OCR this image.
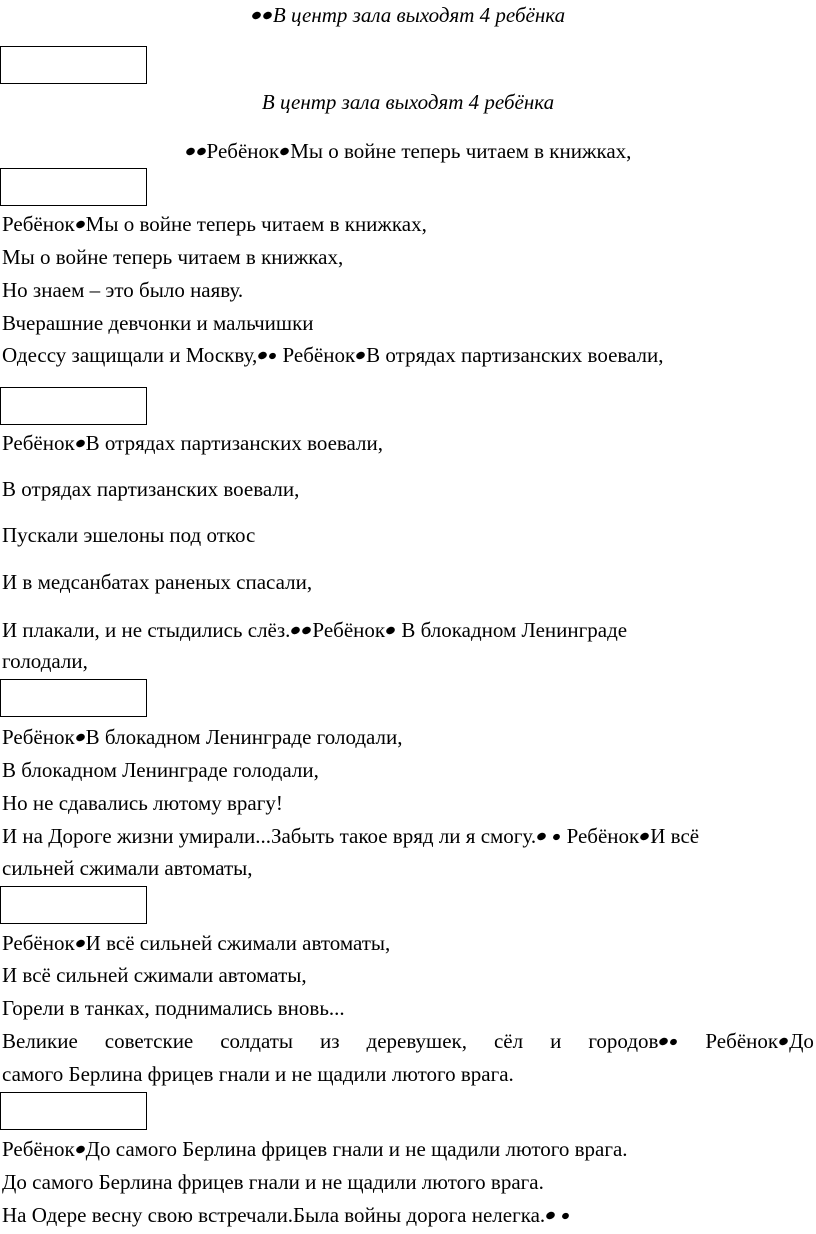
В центр зала выходят 4 ребёнка
В центр зала выходят 4 ребёнка
Ребёнок Мы о войне теперь читаем в книжках,
Ребёнок Мы о войне теперь читаем в книжках,
Мы о войне теперь читаем в книжках,
Но знаем – это было наяву.
Вчерашние девчонки и мальчишки
Одессу защищали и Москву, Ребёнок В отрядах партизанских воевали,
Ребёнок В отрядах партизанских воевали,
В отрядах партизанских воевали,
Пускали эшелоны под откос
И в медсанбатах раненых спасали,
И плакали, и не стыдились слёз. Ребёнок В блокадном Ленинграде
голодали,
Ребёнок В блокадном Ленинграде голодали,
В блокадном Ленинграде голодали,
Но не сдавались лютому врагу!
И на Дороге жизни умирали...Забыть такое вряд ли я смогу. Ребёнок И всё
сильней сжимали автоматы,
Ребёнок И всё сильней сжимали автоматы,
И всё сильней сжимали автоматы,
Горели в танках, поднимались вновь...
Великие советские солдаты из деревушек, сёл и городов	Ребёнок До
самого Берлина фрицев гнали и не щадили лютого врага.
Ребёнок До самого Берлина фрицев гнали и не щадили лютого врага.
До самого Берлина фрицев гнали и не щадили лютого врага.
На Одере весну свою встречали.Была войны дорога нелегка.
